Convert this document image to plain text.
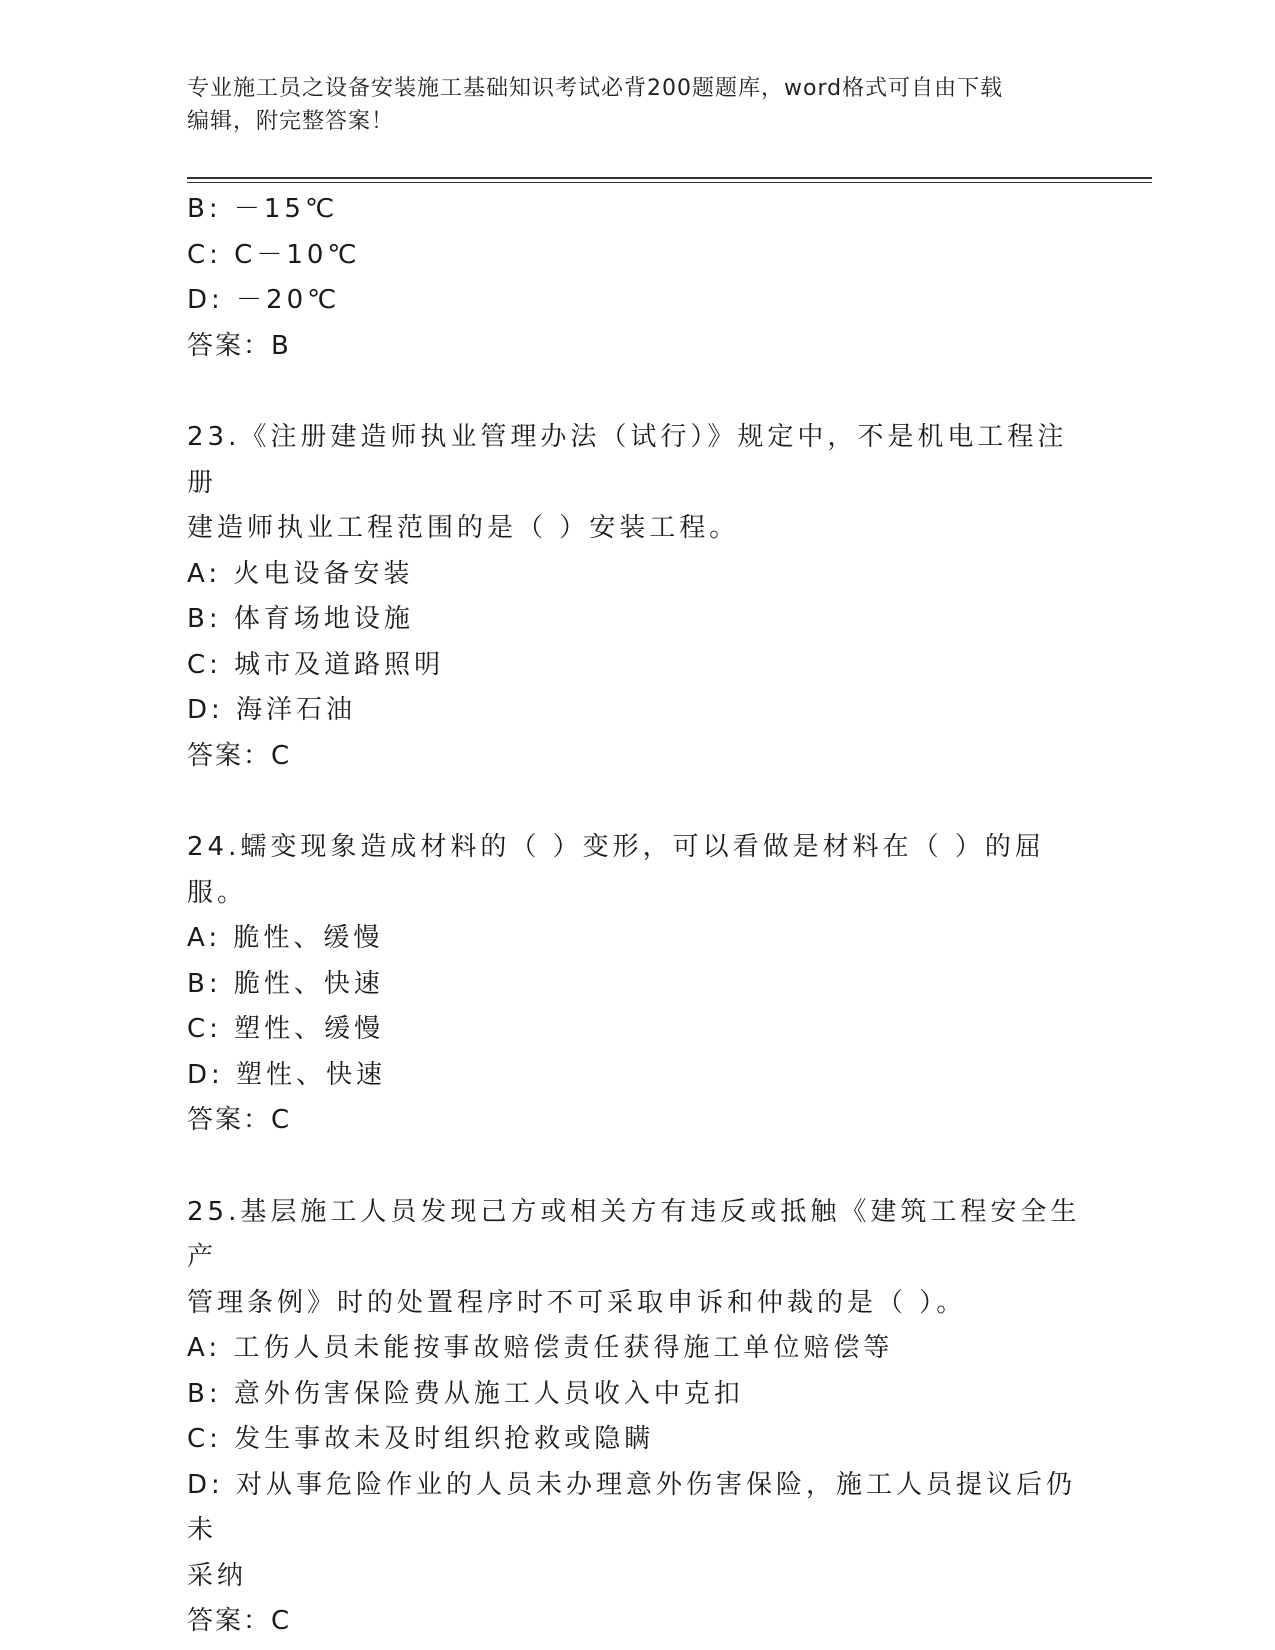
专业施工员之设备安装施工基础知识考试必背200题题库，word格式可自由下载
编辑，附完整答案！
B: －15℃
C: C－10℃
D: －20℃
答案：B
23.《注册建造师执业管理办法（试行）》规定中，不是机电工程注册
建造师执业工程范围的是（ ）安装工程。
A: 火电设备安装
B: 体育场地设施
C: 城市及道路照明
D: 海洋石油
答案：C
24.蠕变现象造成材料的（ ）变形，可以看做是材料在（ ）的屈服。
A: 脆性、缓慢
B: 脆性、快速
C: 塑性、缓慢
D: 塑性、快速
答案：C
25.基层施工人员发现己方或相关方有违反或抵触《建筑工程安全生产
管理条例》时的处置程序时不可采取申诉和仲裁的是（ ）。
A: 工伤人员未能按事故赔偿责任获得施工单位赔偿等
B: 意外伤害保险费从施工人员收入中克扣
C: 发生事故未及时组织抢救或隐瞒
D: 对从事危险作业的人员未办理意外伤害保险，施工人员提议后仍未
采纳
答案：C
